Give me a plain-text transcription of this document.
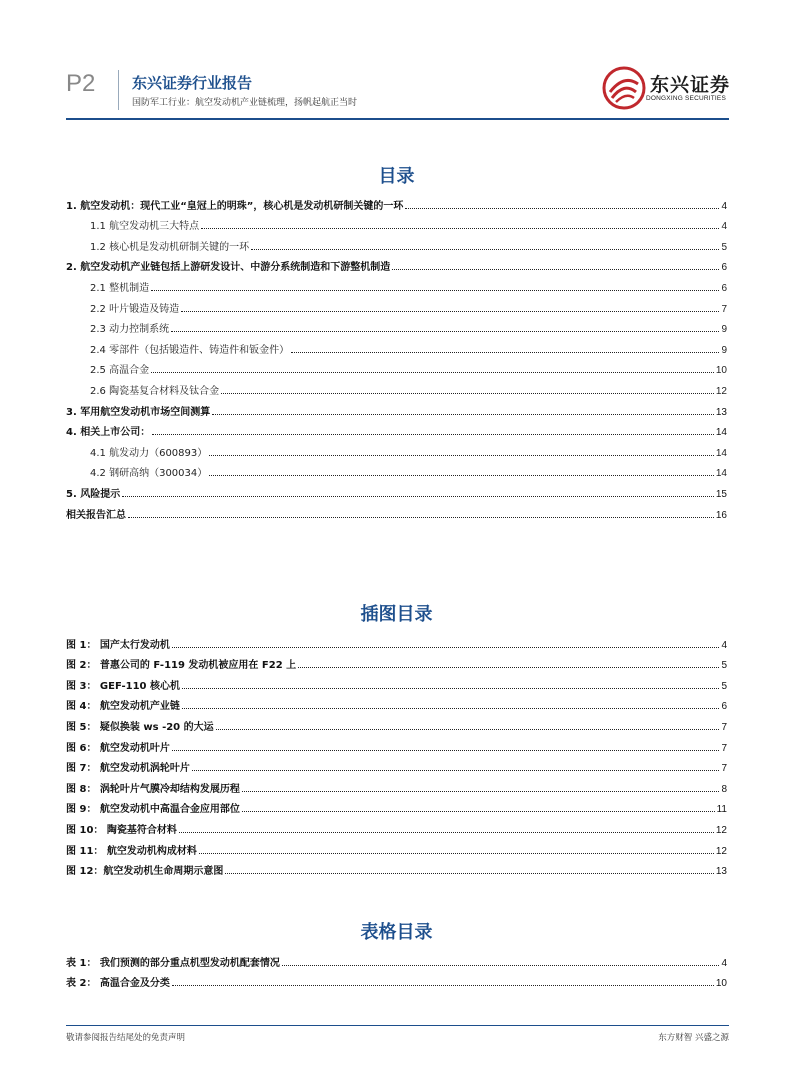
P2 东兴证券行业报告
国防军工行业：航空发动机产业链梳理，扬帆起航正当时
东兴证券
DONGXING SECURITIES
目录
1. 航空发动机：现代工业“皇冠上的明珠”，核心机是发动机研制关键的一环	4
1.1 航空发动机三大特点	4
1.2 核心机是发动机研制关键的一环	5
2. 航空发动机产业链包括上游研发设计、中游分系统制造和下游整机制造	6
2.1 整机制造	6
2.2 叶片锻造及铸造	7
2.3 动力控制系统	9
2.4 零部件（包括锻造件、铸造件和钣金件）	9
2.5 高温合金	10
2.6 陶瓷基复合材料及钛合金	12
3. 军用航空发动机市场空间测算	13
4. 相关上市公司：	14
4.1 航发动力（600893）	14
4.2 钢研高纳（300034）	14
5. 风险提示	15
相关报告汇总	16
插图目录
图 1： 国产太行发动机	4
图 2： 普惠公司的 F-119 发动机被应用在 F22 上	5
图 3： GEF-110 核心机	5
图 4： 航空发动机产业链	6
图 5： 疑似换装 ws -20 的大运	7
图 6： 航空发动机叶片	7
图 7： 航空发动机涡轮叶片	7
图 8： 涡轮叶片气膜冷却结构发展历程	8
图 9： 航空发动机中高温合金应用部位	11
图 10： 陶瓷基符合材料	12
图 11： 航空发动机构成材料	12
图 12：航空发动机生命周期示意图	13
表格目录
表 1： 我们预测的部分重点机型发动机配套情况	4
表 2： 高温合金及分类	10
敬请参阅报告结尾处的免责声明	东方财智 兴盛之源
